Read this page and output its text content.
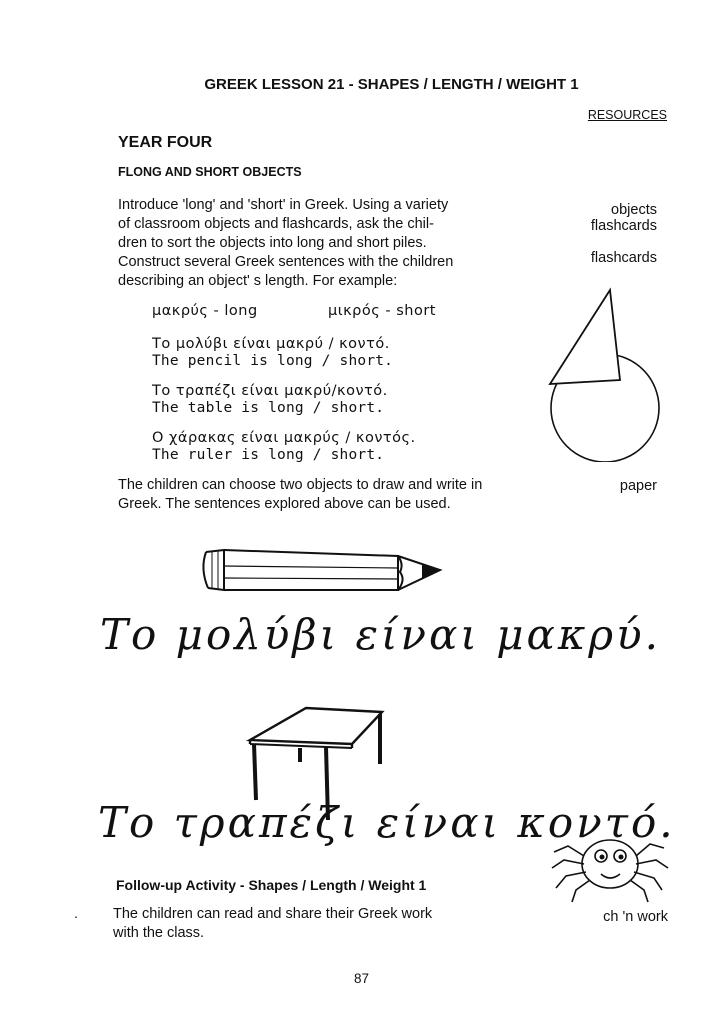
GREEK LESSON 21 - SHAPES / LENGTH / WEIGHT 1
RESOURCES
YEAR FOUR
FLONG AND SHORT OBJECTS
Introduce 'long' and 'short' in Greek. Using a variety
of classroom objects and flashcards, ask the chil-
dren to sort the objects into long and short piles.
Construct several Greek sentences with the children
describing an object' s length. For example:
objects
flashcards
flashcards
paper
ch 'n work
μακρύς - long	μικρός - short
Το μολύβι είναι μακρύ / κοντό.
The pencil is long / short.
Το τραπέζι είναι μακρύ/κοντό.
The table is long / short.
Ο χάρακας είναι μακρύς / κοντός.
The ruler is long / short.
The children can choose two objects to draw and write in
Greek. The sentences explored above can be used.
Το μολύβι είναι μακρύ.
Το τραπέζι είναι κοντό.
Follow-up Activity - Shapes / Length / Weight 1
. The children can read and share their Greek work
with the class.
87
